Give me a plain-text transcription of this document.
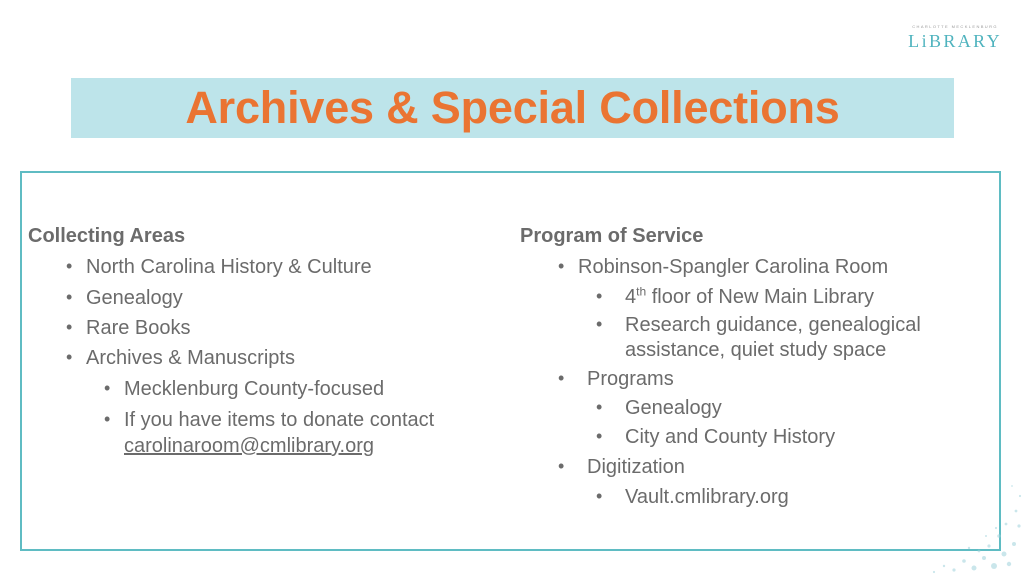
CHARLOTTE MECKLENBURG
LiBRARY
Archives & Special Collections
Collecting Areas
• North Carolina History & Culture
• Genealogy
• Rare Books
• Archives & Manuscripts
• Mecklenburg County-focused
• If you have items to donate contact
carolinaroom@cmlibrary.org
Program of Service
• Robinson-Spangler Carolina Room
• 4th floor of New Main Library
• Research guidance, genealogical
assistance, quiet study space
• Programs
• Genealogy
• City and County History
• Digitization
• Vault.cmlibrary.org
